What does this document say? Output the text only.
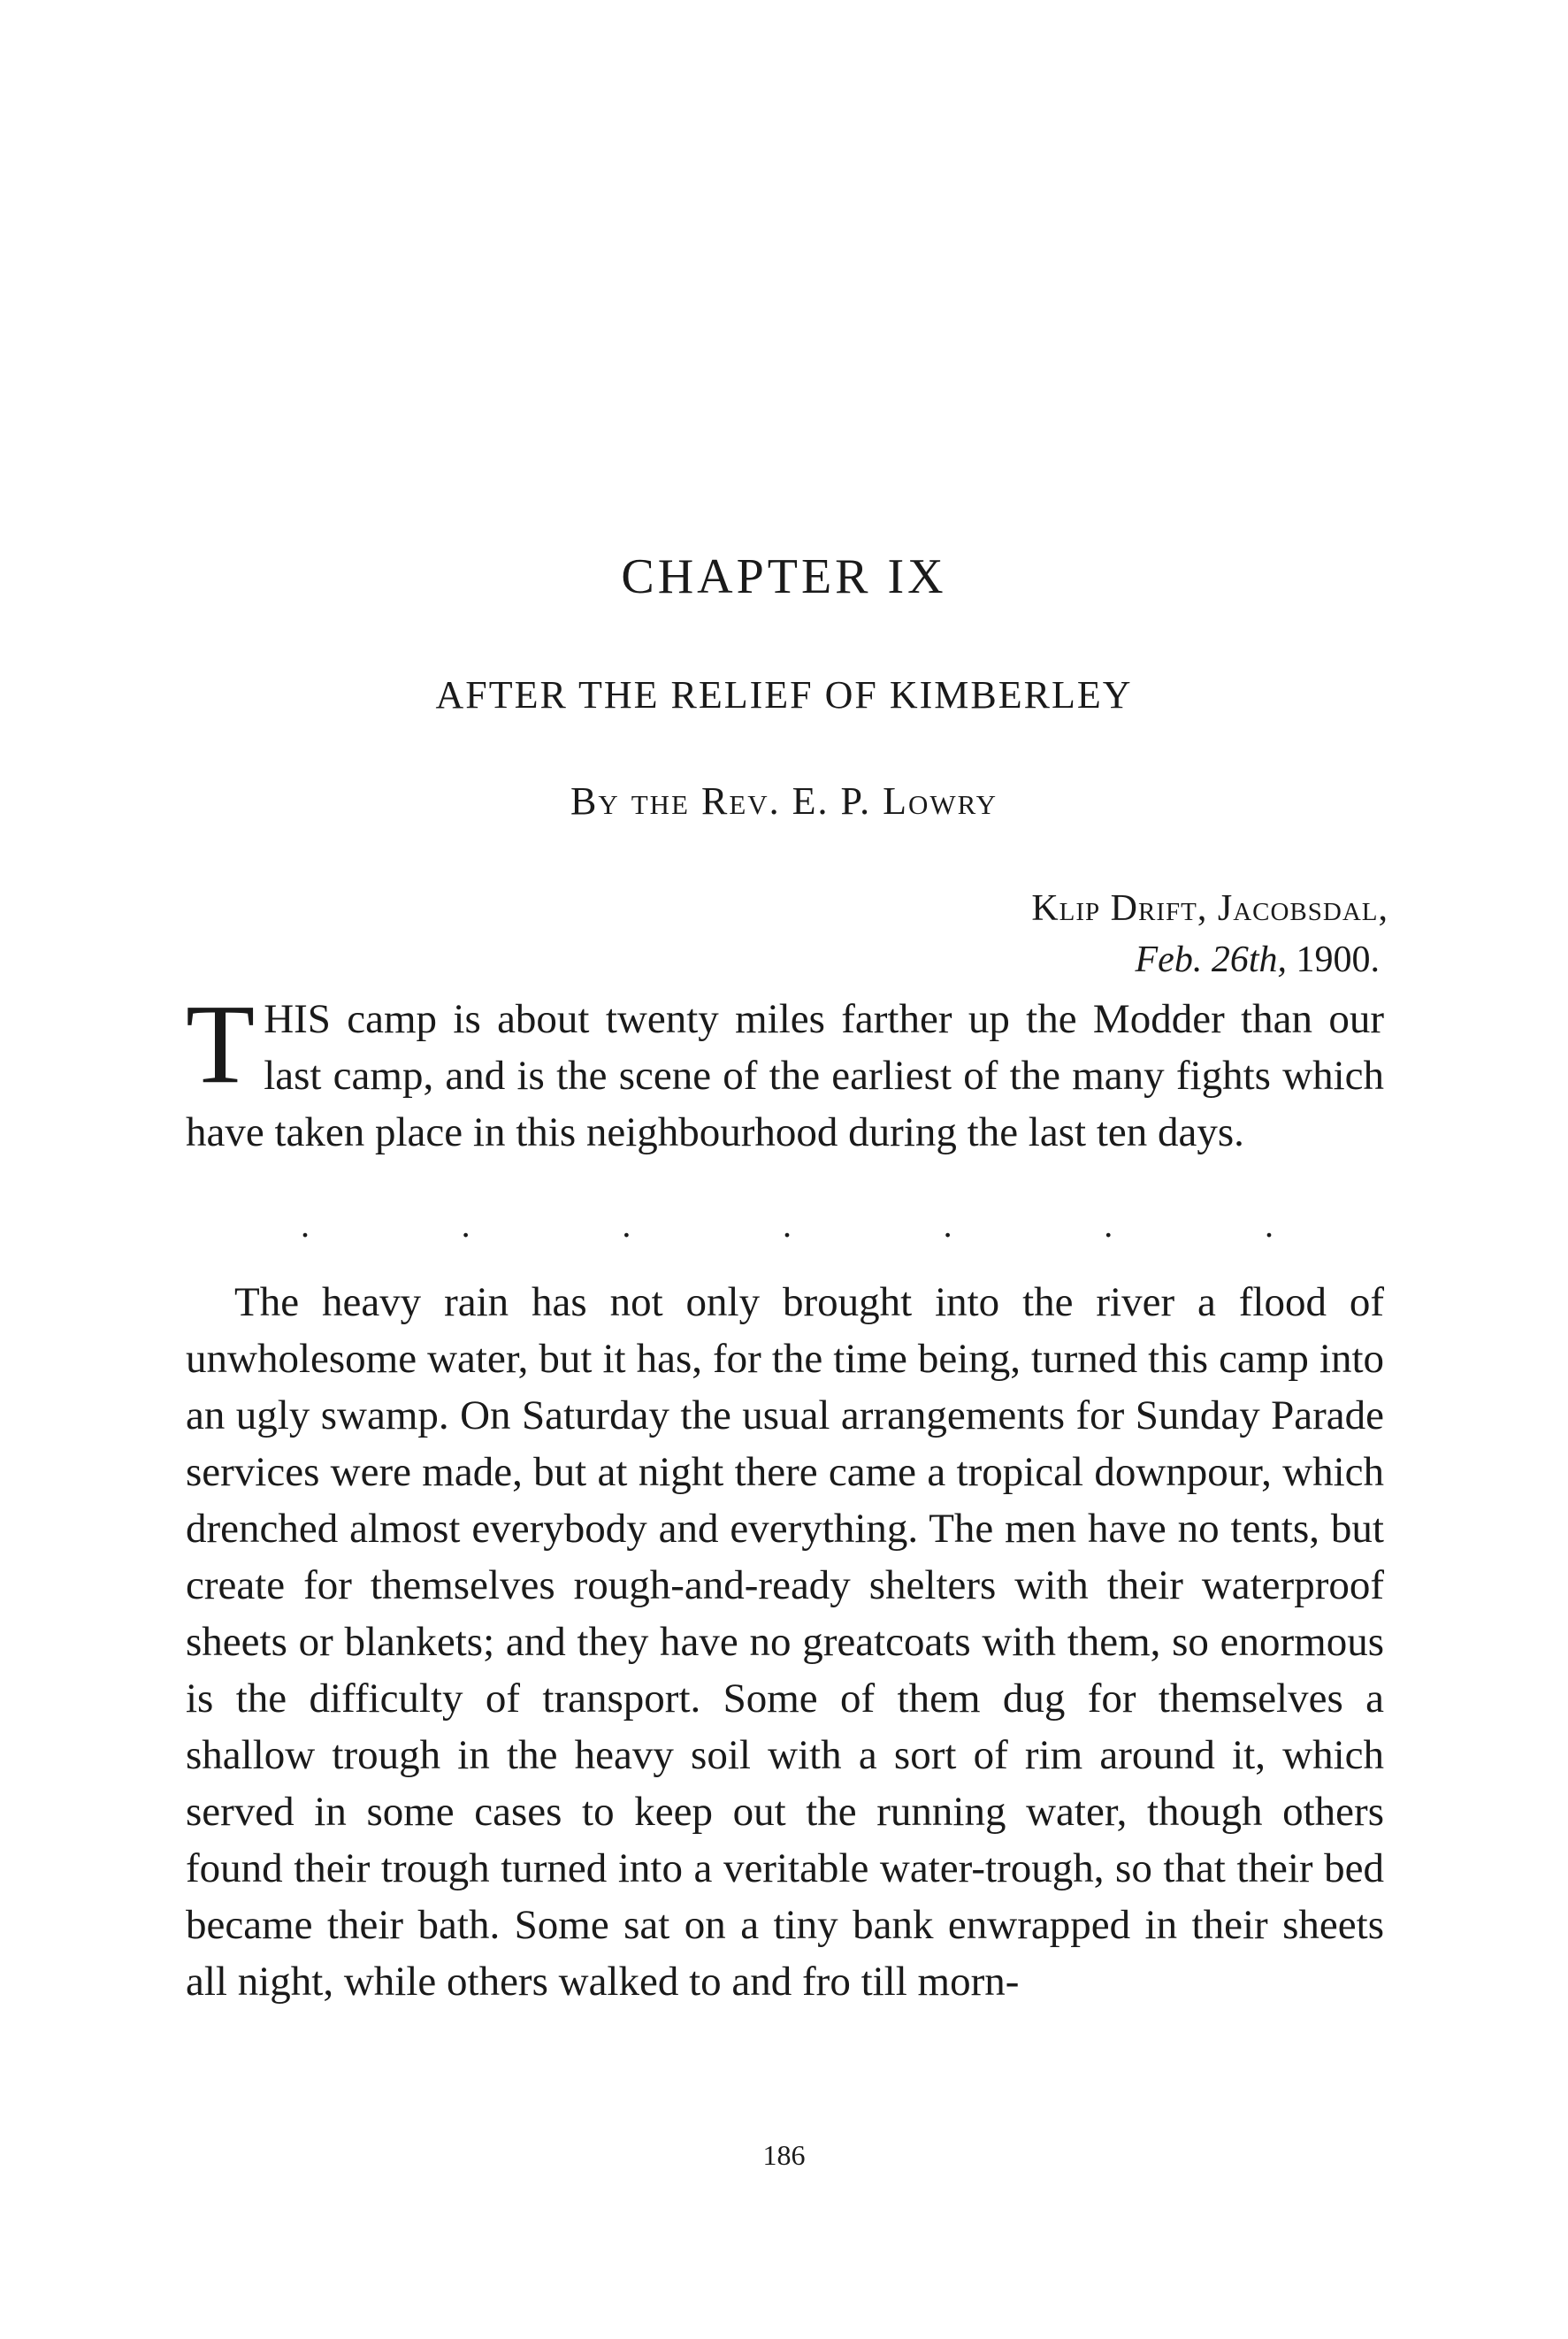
CHAPTER IX
AFTER THE RELIEF OF KIMBERLEY
By the Rev. E. P. Lowry
Klip Drift, Jacobsdal,
Feb. 26th, 1900.

THIS camp is about twenty miles farther up the Modder than our last camp, and is the scene of the earliest of the many fights which have taken place in this neighbourhood during the last ten days.

.	.	.	.	.	.	.

The heavy rain has not only brought into the river a flood of unwholesome water, but it has, for the time being, turned this camp into an ugly swamp. On Saturday the usual arrangements for Sunday Parade services were made, but at night there came a tropical downpour, which drenched almost everybody and everything. The men have no tents, but create for themselves rough-and-ready shelters with their waterproof sheets or blankets; and they have no greatcoats with them, so enormous is the difficulty of transport. Some of them dug for themselves a shallow trough in the heavy soil with a sort of rim around it, which served in some cases to keep out the running water, though others found their trough turned into a veritable water-trough, so that their bed became their bath. Some sat on a tiny bank enwrapped in their sheets all night, while others walked to and fro till morn-

186
